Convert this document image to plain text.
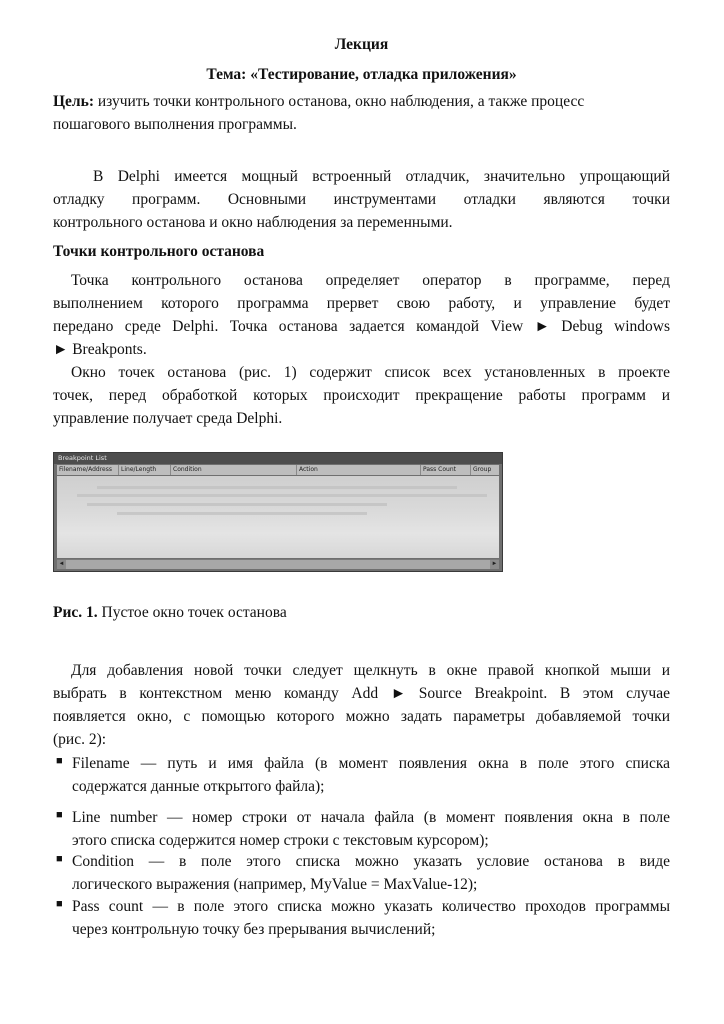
Лекция

Тема: «Тестирование, отладка приложения»

Цель: изучить точки контрольного останова, окно наблюдения, а также процесс

пошагового выполнения программы.

В Delphi имеется мощный встроенный отладчик, значительно упрощающий

отладку программ. Основными инструментами отладки являются точки

контрольного останова и окно наблюдения за переменными.

Точки контрольного останова

Точка контрольного останова определяет оператор в программе, перед

выполнением которого программа прервет свою работу, и управление будет

передано среде Delphi. Точка останова задается командой View ► Debug windows

► Breakponts.

Окно точек останова (рис. 1) содержит список всех установленных в проекте

точек, перед обработкой которых происходит прекращение работы программ и

управление получает среда Delphi.

Breakpoint List
Filename/Address	Line/Length	Condition	Action	Pass Count	Group
◄	►

Рис. 1. Пустое окно точек останова

Для добавления новой точки следует щелкнуть в окне правой кнопкой мыши и

выбрать в контекстном меню команду Add ► Source Breakpoint. В этом случае

появляется окно, с помощью которого можно задать параметры добавляемой точки

(рис. 2):

■ Filename — путь и имя файла (в момент появления окна в поле этого списка

содержатся данные открытого файла);

■ Line number — номер строки от начала файла (в момент появления окна в поле

этого списка содержится номер строки с текстовым курсором);

■ Condition — в поле этого списка можно указать условие останова в виде

логического выражения (например, MyValue = MaxValue-12);

■ Pass count — в поле этого списка можно указать количество проходов программы

через контрольную точку без прерывания вычислений;
